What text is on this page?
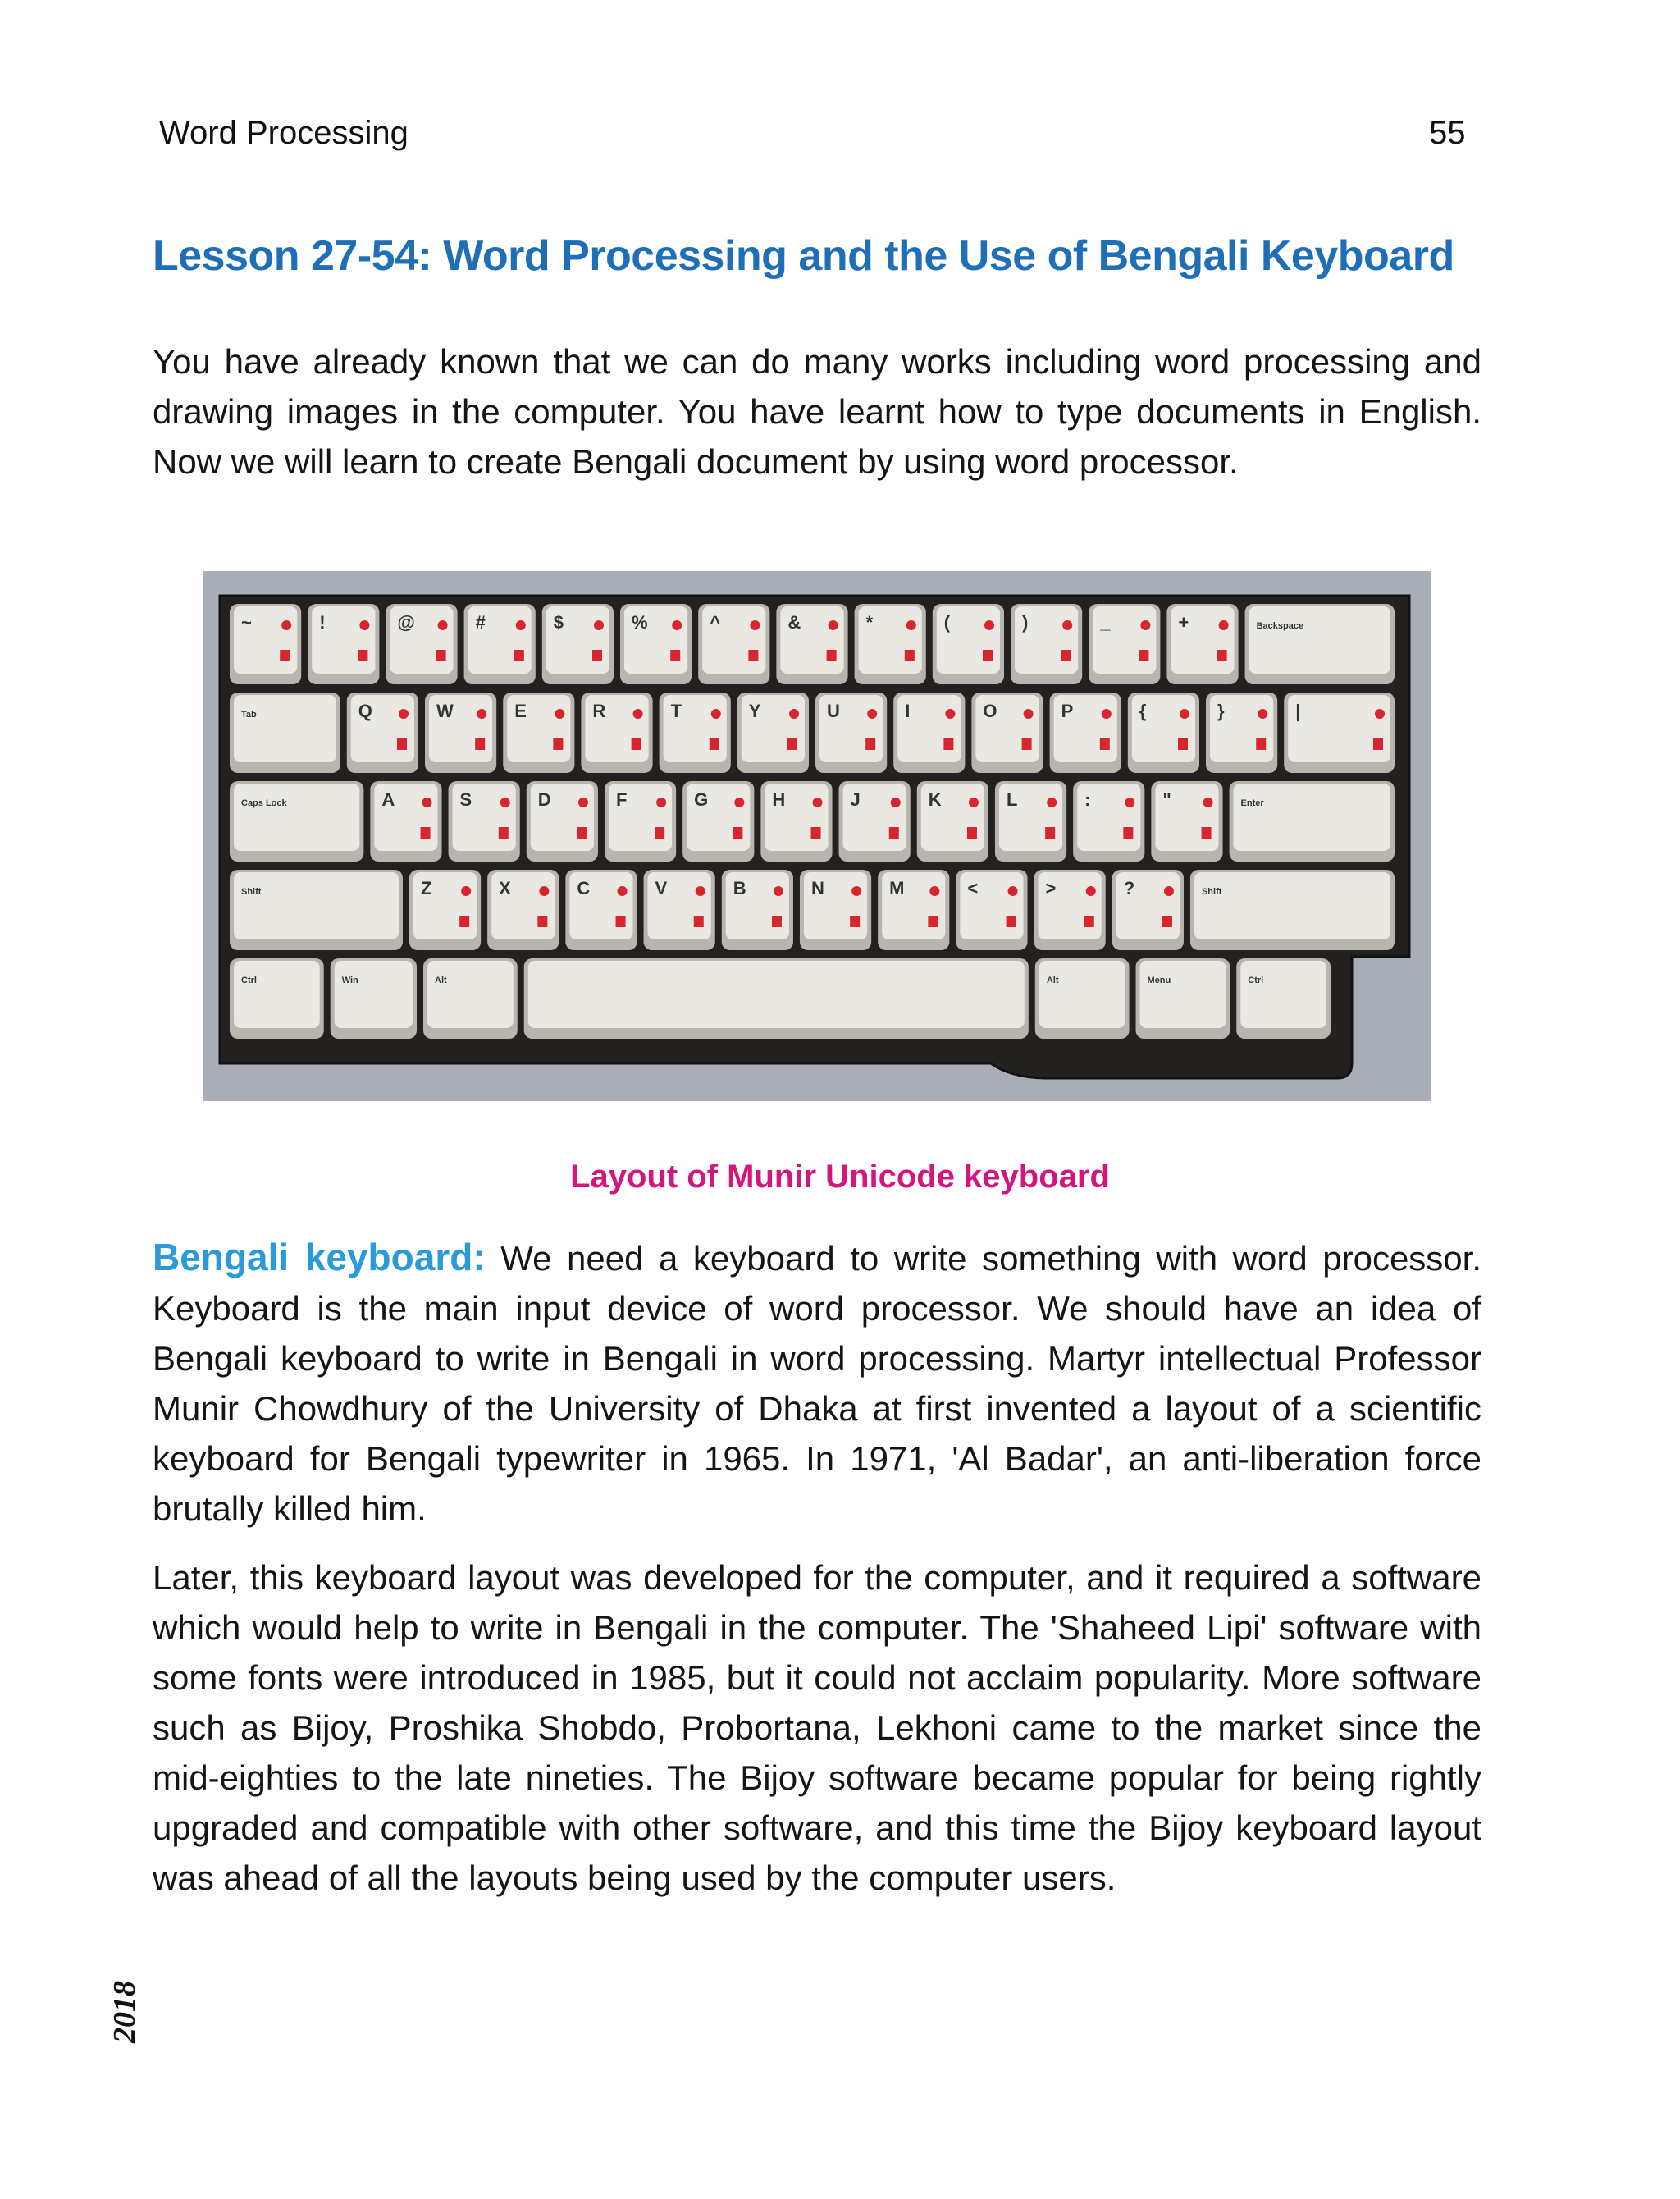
Word Processing	55
Lesson 27-54: Word Processing and the Use of Bengali Keyboard

You have already known that we can do many works including word processing and drawing images in the computer. You have learnt how to type documents in English. Now we will learn to create Bengali document by using word processor.

~	!	@	#	$	%	^	&	*	(	)	_	+	Backspace
Tab	Q	W	E	R	T	Y	U	I	O	P	{	}	|
Caps Lock	A	S	D	F	G	H	J	K	L	:	"	Enter
Shift	Z	X	C	V	B	N	M	<	>	?	Shift
Ctrl	Win	Alt	Alt	Menu	Ctrl
Layout of Munir Unicode keyboard

Bengali keyboard: We need a keyboard to write something with word processor. Keyboard is the main input device of word processor. We should have an idea of Bengali keyboard to write in Bengali in word processing. Martyr intellectual Professor Munir Chowdhury of the University of Dhaka at first invented a layout of a scientific keyboard for Bengali typewriter in 1965. In 1971, 'Al Badar', an anti-liberation force brutally killed him.

Later, this keyboard layout was developed for the computer, and it required a software which would help to write in Bengali in the computer. The 'Shaheed Lipi' software with some fonts were introduced in 1985, but it could not acclaim popularity. More software such as Bijoy, Proshika Shobdo, Probortana, Lekhoni came to the market since the mid-eighties to the late nineties. The Bijoy software became popular for being rightly upgraded and compatible with other software, and this time the Bijoy keyboard layout was ahead of all the layouts being used by the computer users.

2018
